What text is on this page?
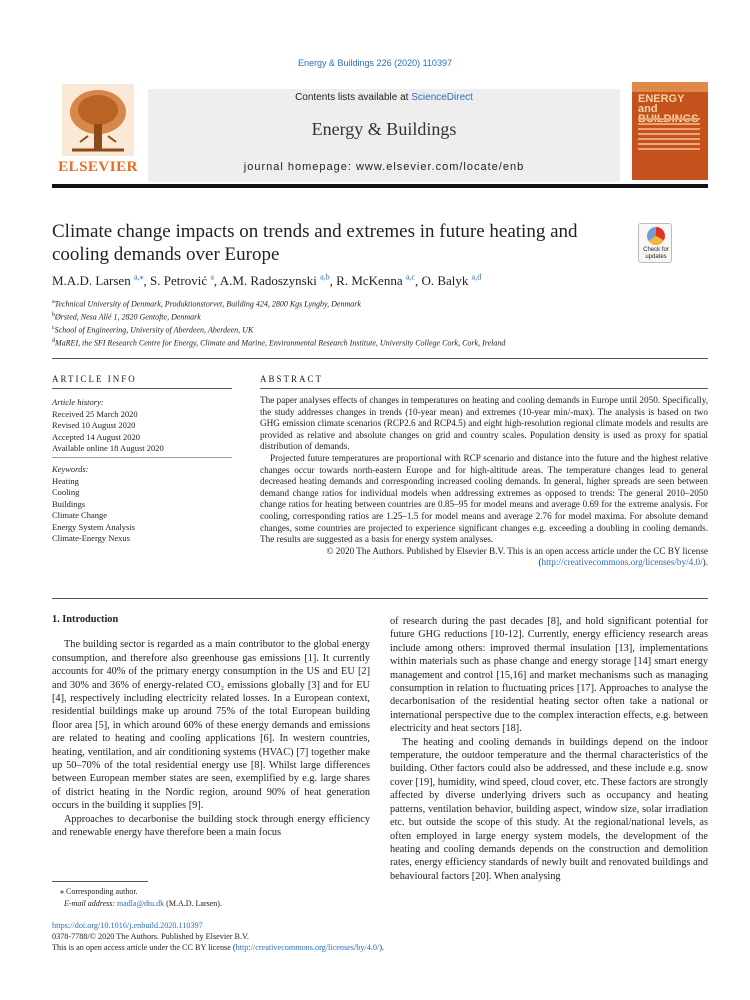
Energy & Buildings 226 (2020) 110397
ELSEVIER
Contents lists available at ScienceDirect
Energy & Buildings
journal homepage: www.elsevier.com/locate/enb
ENERGY
and
Climate change impacts on trends and extremes in future heating and cooling demands over Europe	Check for
updates
M.A.D. Larsen $^{a,⁎}$, S. Petrović $^a$, A.M. Radoszynski $^{a,b}$, R. McKenna $^{a,c}$, O. Balyk $^{a,d}$
$^a$Technical University of Denmark, Produktionstorvet, Building 424, 2800 Kgs Lyngby, Denmark
$^b$Ørsted, Nesa Allé 1, 2820 Gentofte, Denmark
$^c$School of Engineering, University of Aberdeen, Aberdeen, UK
$^d$MaREI, the SFI Research Centre for Energy, Climate and Marine, Environmental Research Institute, University College Cork, Cork, Ireland
ARTICLE INFO	ABSTRACT
Article history:
Received 25 March 2020
Revised 10 August 2020
Accepted 14 August 2020
Available online 18 August 2020
Keywords:
Heating
Cooling
Buildings
Climate Change
Energy System Analysis
Climate-Energy Nexus

The paper analyses effects of changes in temperatures on heating and cooling demands in Europe until 2050. Specifically, the study addresses changes in trends (10-year mean) and extremes (10-year min/-max). The analysis is based on two GHG emission climate scenarios (RCP2.6 and RCP4.5) and eight high-resolution regional climate models and results are provided as relative and absolute changes on grid and country scales. Population density is used as proxy for spatial distribution of demands.

Projected future temperatures are proportional with RCP scenario and distance into the future and the highest relative changes occur towards north-eastern Europe and for high-altitude areas. The temperature changes lead to general decreased heating demands and corresponding increased cooling demands. In general, higher spreads are seen between demand change ratios for individual models when addressing extremes as opposed to trends: The general 2010–2050 change ratios for heating between countries are 0.85–95 for model means and average 0.69 for the extreme analysis. For cooling, corresponding ratios are 1.25–1.5 for model means and average 2.76 for model maxima. For absolute demand changes, some countries are projected to experience significant changes e.g. exceeding a doubling in cooling demands. The results are suggested as a basis for energy system analyses.

© 2020 The Authors. Published by Elsevier B.V. This is an open access article under the CC BY license (http://creativecommons.org/licenses/by/4.0/).

1. Introduction

The building sector is regarded as a main contributor to the global energy consumption, and therefore also greenhouse gas emissions [1]. It currently accounts for 40% of the primary energy consumption in the US and EU [2] and 30% and 36% of energy-related CO₂ emissions globally [3] and for EU [4], respectively including electricity related losses. In a European context, residential buildings make up around 75% of the total European building floor area [5], in which around 60% of these energy demands and emissions are related to heating and cooling applications [6]. In western countries, heating, ventilation, and air conditioning systems (HVAC) [7] together make up 50–70% of the total residential energy use [8]. Whilst large differences between European member states are seen, exemplified by e.g. large shares of district heating in the Nordic region, around 90% of heat generation occurs in the building it supplies [9].

Approaches to decarbonise the building stock through energy efficiency and renewable energy have therefore been a main focus

of research during the past decades [8], and hold significant potential for future GHG reductions [10-12]. Currently, energy efficiency research areas include among others: improved thermal insulation [13], implementations within materials such as phase change and energy storage [14] smart energy management and control [15,16] and market mechanisms such as managing consumption in relation to fluctuating prices [17]. Approaches to analyse the decarbonisation of the residential heating sector often take a national or international perspective due to the complex interaction effects, e.g. between electricity and heat sectors [18].

The heating and cooling demands in buildings depend on the indoor temperature, the outdoor temperature and the thermal characteristics of the building. Other factors could also be addressed, and these include e.g. snow cover [19], humidity, wind speed, cloud cover, etc. These factors are strongly affected by diverse underlying drivers such as occupancy and heating patterns, ventilation behavior, building aspect, window size, solar irradiation etc. but outside the scope of this study. At the regional/national levels, as often employed in large energy system models, the development of the heating and cooling demands depends on the construction and demolition rates, energy efficiency standards of newly built and renovated buildings and behavioural factors [20]. When analysing

⁎ Corresponding author.
E-mail address: madla@dtu.dk (M.A.D. Larsen).
https://doi.org/10.1016/j.enbuild.2020.110397
0378-7788/© 2020 The Authors. Published by Elsevier B.V.
This is an open access article under the CC BY license (http://creativecommons.org/licenses/by/4.0/).
